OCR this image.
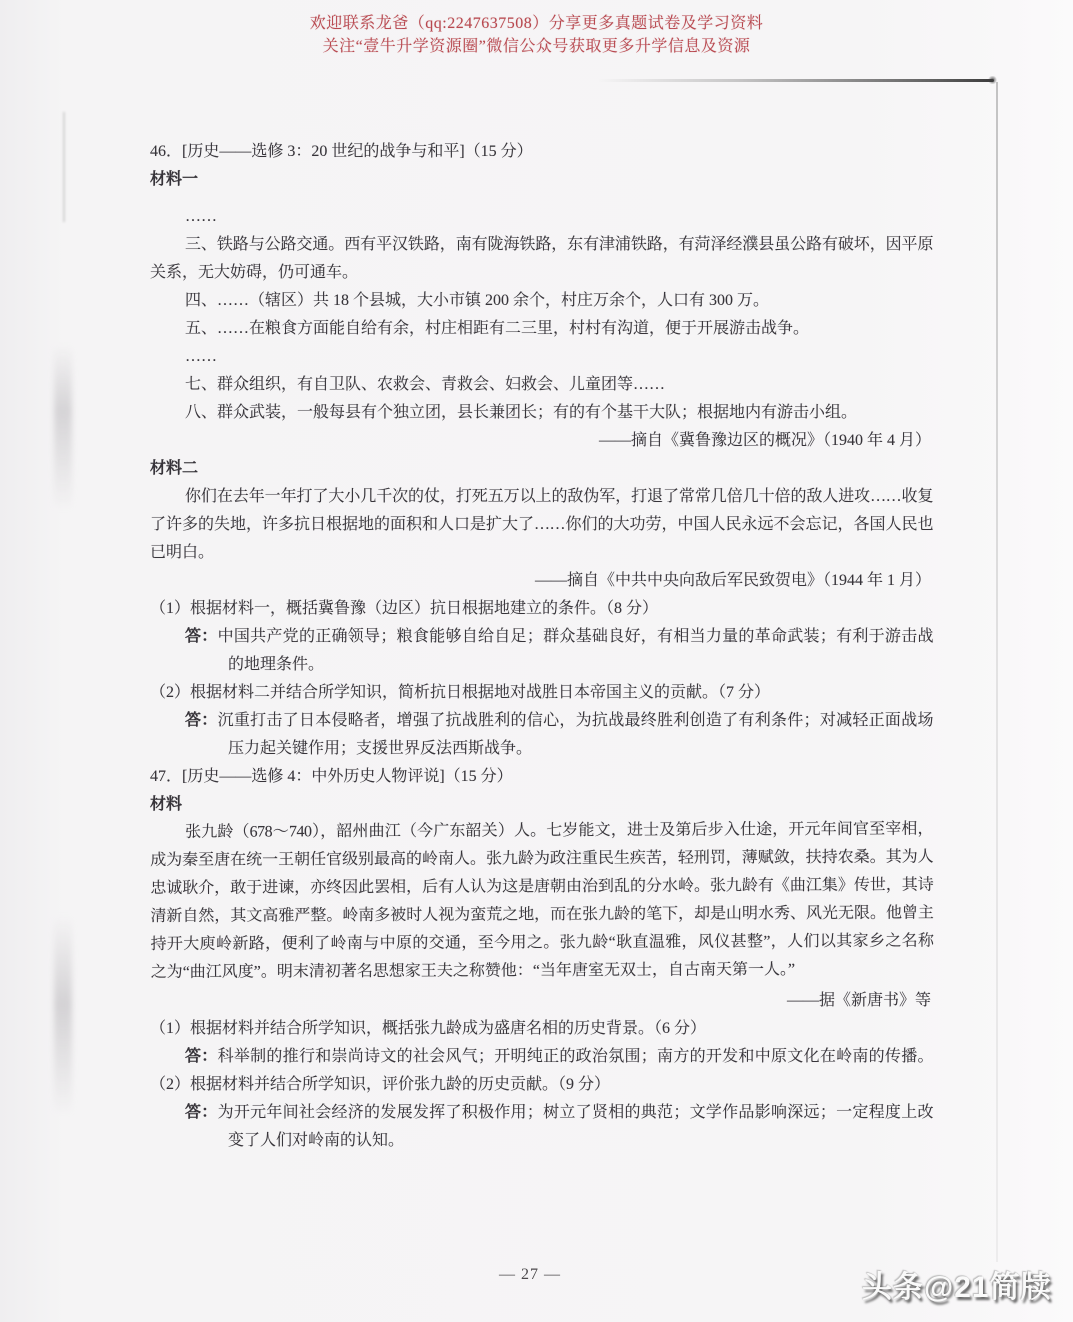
欢迎联系龙爸（qq:2247637508）分享更多真题试卷及学习资料
关注“壹牛升学资源圈”微信公众号获取更多升学信息及资源
46．[历史——选修 3：20 世纪的战争与和平]（15 分）
材料一
……
三、铁路与公路交通。西有平汉铁路，南有陇海铁路，东有津浦铁路，有菏泽经濮县虽公路有破坏，因平原
关系，无大妨碍，仍可通车。
四、……（辖区）共 18 个县城，大小市镇 200 余个，村庄万余个，人口有 300 万。
五、……在粮食方面能自给有余，村庄相距有二三里，村村有沟道，便于开展游击战争。
……
七、群众组织，有自卫队、农救会、青救会、妇救会、儿童团等……
八、群众武装，一般每县有个独立团，县长兼团长；有的有个基干大队；根据地内有游击小组。
——摘自《冀鲁豫边区的概况》（1940 年 4 月）
材料二
你们在去年一年打了大小几千次的仗，打死五万以上的敌伪军，打退了常常几倍几十倍的敌人进攻……收复
了许多的失地，许多抗日根据地的面积和人口是扩大了……你们的大功劳，中国人民永远不会忘记，各国人民也
已明白。
——摘自《中共中央向敌后军民致贺电》（1944 年 1 月）
（1）根据材料一，概括冀鲁豫（边区）抗日根据地建立的条件。（8 分）
答：中国共产党的正确领导；粮食能够自给自足；群众基础良好，有相当力量的革命武装；有利于游击战
的地理条件。
（2）根据材料二并结合所学知识，简析抗日根据地对战胜日本帝国主义的贡献。（7 分）
答：沉重打击了日本侵略者，增强了抗战胜利的信心，为抗战最终胜利创造了有利条件；对减轻正面战场
压力起关键作用；支援世界反法西斯战争。
47．[历史——选修 4：中外历史人物评说]（15 分）
材料
张九龄（678～740），韶州曲江（今广东韶关）人。七岁能文，进士及第后步入仕途，开元年间官至宰相，
成为秦至唐在统一王朝任官级别最高的岭南人。张九龄为政注重民生疾苦，轻刑罚，薄赋敛，扶持农桑。其为人
忠诚耿介，敢于进谏，亦终因此罢相，后有人认为这是唐朝由治到乱的分水岭。张九龄有《曲江集》传世，其诗
清新自然，其文高雅严整。岭南多被时人视为蛮荒之地，而在张九龄的笔下，却是山明水秀、风光无限。他曾主
持开大庾岭新路，便利了岭南与中原的交通，至今用之。张九龄“耿直温雅，风仪甚整”，人们以其家乡之名称
之为“曲江风度”。明末清初著名思想家王夫之称赞他：“当年唐室无双士，自古南天第一人。”
——据《新唐书》等
（1）根据材料并结合所学知识，概括张九龄成为盛唐名相的历史背景。（6 分）
答：科举制的推行和崇尚诗文的社会风气；开明纯正的政治氛围；南方的开发和中原文化在岭南的传播。
（2）根据材料并结合所学知识，评价张九龄的历史贡献。（9 分）
答：为开元年间社会经济的发展发挥了积极作用；树立了贤相的典范；文学作品影响深远；一定程度上改
变了人们对岭南的认知。
— 27 —	头条@21简牍
